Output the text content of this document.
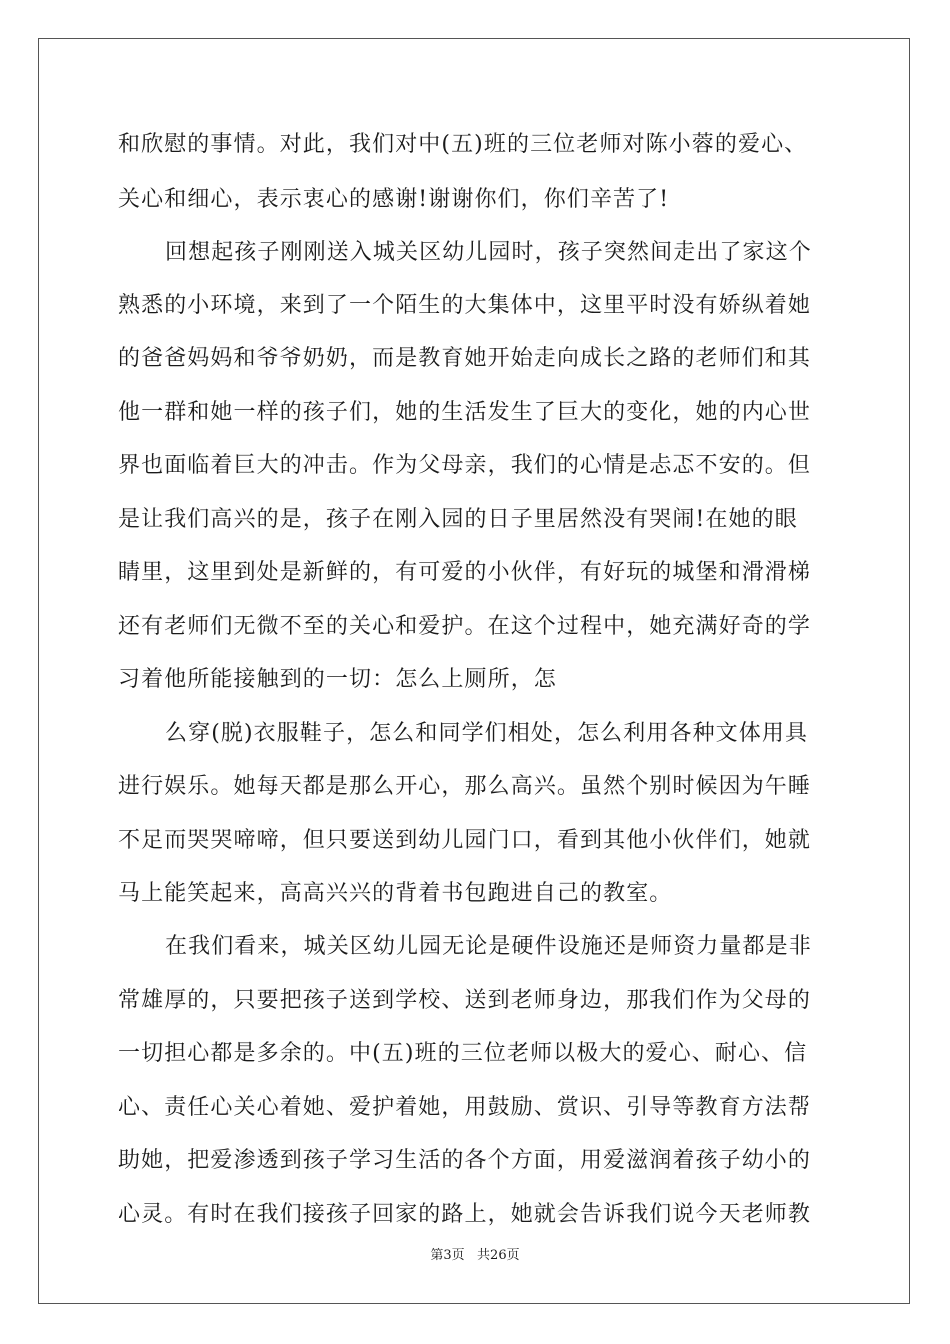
和欣慰的事情。对此，我们对中(五)班的三位老师对陈小蓉的爱心、
关心和细心，表示衷心的感谢!谢谢你们，你们辛苦了!
回想起孩子刚刚送入城关区幼儿园时，孩子突然间走出了家这个
熟悉的小环境，来到了一个陌生的大集体中，这里平时没有娇纵着她
的爸爸妈妈和爷爷奶奶，而是教育她开始走向成长之路的老师们和其
他一群和她一样的孩子们，她的生活发生了巨大的变化，她的内心世
界也面临着巨大的冲击。作为父母亲，我们的心情是忐忑不安的。但
是让我们高兴的是，孩子在刚入园的日子里居然没有哭闹!在她的眼
睛里，这里到处是新鲜的，有可爱的小伙伴，有好玩的城堡和滑滑梯
还有老师们无微不至的关心和爱护。在这个过程中，她充满好奇的学
习着他所能接触到的一切：怎么上厕所，怎
么穿(脱)衣服鞋子，怎么和同学们相处，怎么利用各种文体用具
进行娱乐。她每天都是那么开心，那么高兴。虽然个别时候因为午睡
不足而哭哭啼啼，但只要送到幼儿园门口，看到其他小伙伴们，她就
马上能笑起来，高高兴兴的背着书包跑进自己的教室。
在我们看来，城关区幼儿园无论是硬件设施还是师资力量都是非
常雄厚的，只要把孩子送到学校、送到老师身边，那我们作为父母的
一切担心都是多余的。中(五)班的三位老师以极大的爱心、耐心、信
心、责任心关心着她、爱护着她，用鼓励、赏识、引导等教育方法帮
助她，把爱渗透到孩子学习生活的各个方面，用爱滋润着孩子幼小的
心灵。有时在我们接孩子回家的路上，她就会告诉我们说今天老师教
第3页   共26页
